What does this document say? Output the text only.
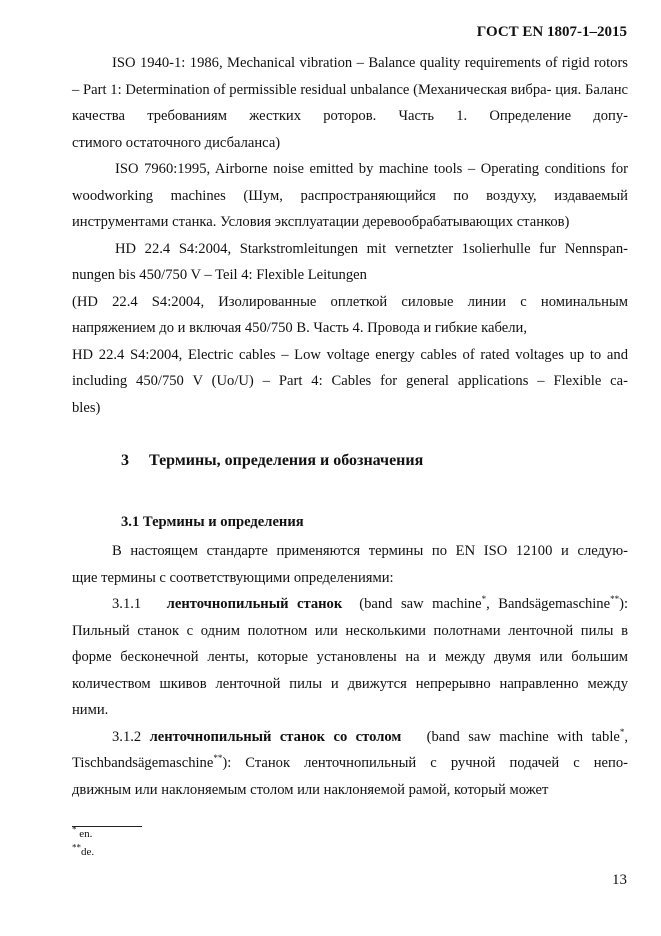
ГОСТ EN 1807-1–2015
ISO 1940-1: 1986, Mechanical vibration – Balance quality requirements of rigid rotors – Part 1: Determination of permissible residual unbalance (Механическая вибра- ция. Баланс качества требованиям жестких роторов. Часть 1. Определение допу-
стимого остаточного дисбаланса)
ISO 7960:1995, Airborne noise emitted by machine tools – Operating conditions for woodworking machines (Шум, распространяющийся по воздуху, издаваемый
инструментами станка. Условия эксплуатации деревообрабатывающих станков)
HD 22.4 S4:2004, Starkstromleitungen mit vernetzter 1solierhulle fur Nennspan-
nungen bis 450/750 V – Teil 4: Flexible Leitungen
(HD 22.4 S4:2004, Изолированные оплеткой силовые линии с номинальным
напряжением до и включая 450/750 В. Часть 4. Провода и гибкие кабели,
HD 22.4 S4:2004, Electric cables – Low voltage energy cables of rated voltages up to and including 450/750 V (Uo/U) – Part 4: Cables for general applications – Flexible ca-
bles)
3 Термины, определения и обозначения
3.1 Термины и определения
В настоящем стандарте применяются термины по EN ISO 12100 и следую-
щие термины с соответствующими определениями:
3.1.1 ленточнопильный станок (band saw machine*, Bandsägemaschine**):
Пильный станок с одним полотном или несколькими полотнами ленточной пилы в форме бесконечной ленты, которые установлены на и между двумя или большим количеством шкивов ленточной пилы и движутся непрерывно направленно между
ними.
3.1.2 ленточнопильный станок со столом (band saw machine with table*,
Tischbandsägemaschine**): Станок ленточнопильный с ручной подачей с непо-
движным или наклоняемым столом или наклоняемой рамой, который может
* en.
**de.
13
